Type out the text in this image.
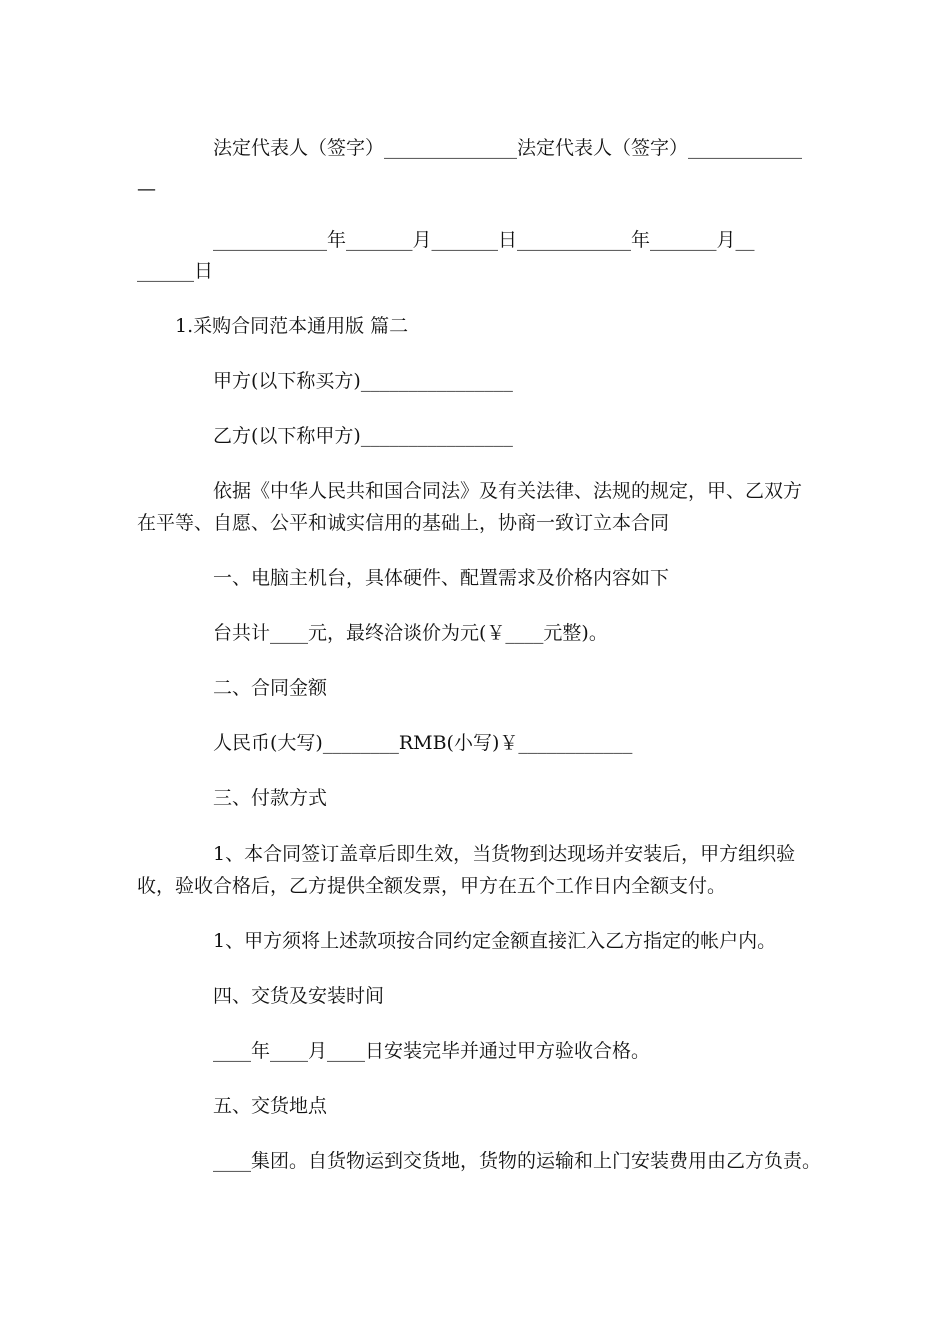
法定代表人（签字）______________法定代表人（签字）____________
—
____________年_______月_______日____________年_______月__
______日
1.采购合同范本通用版 篇二
甲方(以下称买方)________________
乙方(以下称甲方)________________
依据《中华人民共和国合同法》及有关法律、法规的规定，甲、乙双方
在平等、自愿、公平和诚实信用的基础上，协商一致订立本合同
一、电脑主机台，具体硬件、配置需求及价格内容如下
台共计____元，最终洽谈价为元(￥____元整)。
二、合同金额
人民币(大写)________RMB(小写)￥____________
三、付款方式
1、本合同签订盖章后即生效，当货物到达现场并安装后，甲方组织验
收，验收合格后，乙方提供全额发票，甲方在五个工作日内全额支付。
1、甲方须将上述款项按合同约定金额直接汇入乙方指定的帐户内。
四、交货及安装时间
____年____月____日安装完毕并通过甲方验收合格。
五、交货地点
____集团。自货物运到交货地，货物的运输和上门安装费用由乙方负责。
